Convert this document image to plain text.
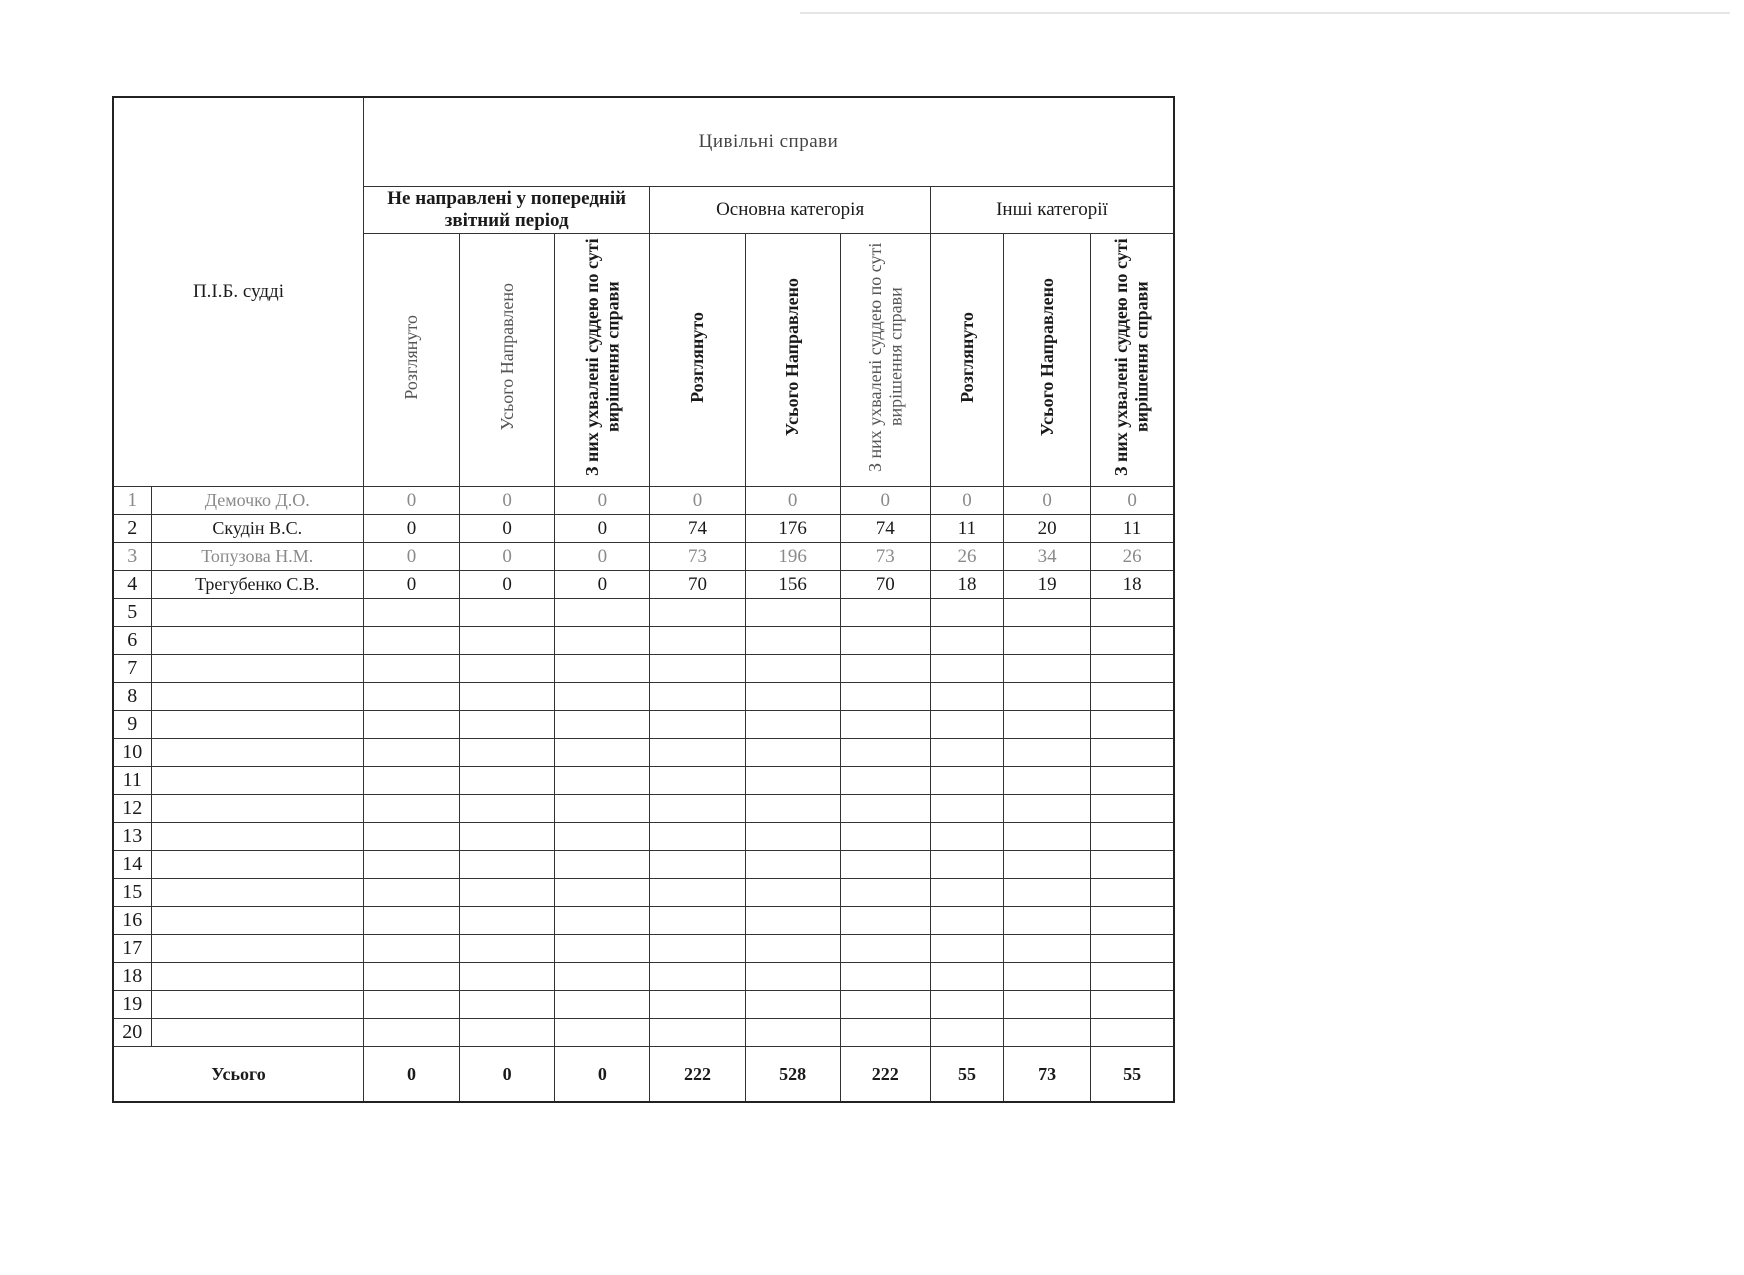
П.І.Б. судді		Цивільні справи								
		Не направлені у попередній звітний період			Основна категорія			Інші категорії		
		Розглянуто	Усього Направлено	З них ухвалені суддею по суті вирішення справи	Розглянуто	Усього Направлено	З них ухвалені суддею по суті вирішення справи	Розглянуто	Усього Направлено	З них ухвалені суддею по суті вирішення справи
1	Демочко Д.О.	0	0	0	0	0	0	0	0	0
2	Скудін В.С.	0	0	0	74	176	74	11	20	11
3	Топузова Н.М.	0	0	0	73	196	73	26	34	26
4	Трегубенко С.В.	0	0	0	70	156	70	18	19	18
5										
6										
7										
8										
9										
10										
11										
12										
13										
14										
15										
16										
17										
18										
19										
20										
Усього		0	0	0	222	528	222	55	73	55
